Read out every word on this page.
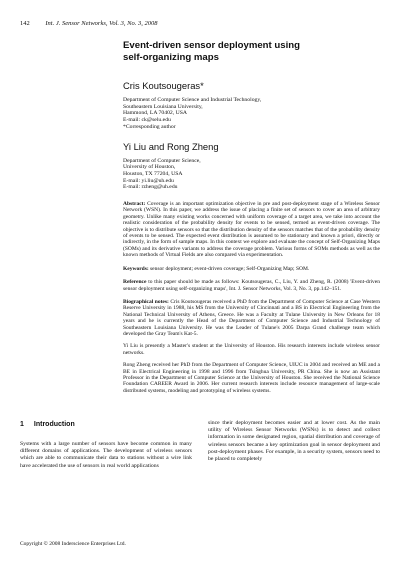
142 Int. J. Sensor Networks, Vol. 3, No. 3, 2008
Event-driven sensor deployment using
self-organizing maps

Cris Koutsougeras*

Department of Computer Science and Industrial Technology,
Southeastern Louisiana University,
Hammond, LA 70402, USA
E-mail: ck@selu.edu
*Corresponding author

Yi Liu and Rong Zheng

Department of Computer Science,
University of Houston,
Houston, TX 77204, USA
E-mail: yi.liu@uh.edu
E-mail: rzheng@uh.edu

Abstract: Coverage is an important optimization objective in pre and post-deployment stage of a Wireless Sensor Network (WSN). In this paper, we address the issue of placing a finite set of sensors to cover an area of arbitrary geometry. Unlike many existing works concerned with uniform coverage of a target area, we take into account the realistic consideration of the probability density for events to be sensed, termed as event-driven coverage. The objective is to distribute sensors so that the distribution density of the sensors matches that of the probability density of events to be sensed. The expected event distribution is assumed to be stationary and known a priori, directly or indirectly, in the form of sample maps. In this context we explore and evaluate the concept of Self-Organizing Maps (SOMs) and its derivative variants to address the coverage problem. Various forms of SOMs methods as well as the known methods of Virtual Fields are also compared via experimentation.

Keywords: sensor deployment; event-driven coverage; Self-Organizing Map; SOM.

Reference to this paper should be made as follows: Koutsougeras, C., Liu, Y. and Zheng, R. (2008) 'Event-driven sensor deployment using self-organizing maps', Int. J. Sensor Networks, Vol. 3, No. 3, pp.142–151.

Biographical notes: Cris Koutsougeras received a PhD from the Department of Computer Science at Case Western Reserve University in 1988, his MS from the University of Cincinnati and a BS in Electrical Engineering from the National Technical University of Athens, Greece. He was a Faculty at Tulane University in New Orleans for 18 years and he is currently the Head of the Department of Computer Science and Industrial Technology of Southeastern Louisiana University. He was the Leader of Tulane's 2005 Darpa Grand challenge team which developed the Gray Team's Kat-5.

Yi Liu is presently a Master's student at the University of Houston. His research interests include wireless sensor networks.

Rong Zheng received her PhD from the Department of Computer Science, UIUC in 2004 and received an ME and a BE in Electrical Engineering in 1998 and 1996 from Tsinghua University, PR China. She is now an Assistant Professor in the Department of Computer Science at the University of Houston. She received the National Science Foundation CAREER Award in 2006. Her current research interests include resource management of large-scale distributed systems, modeling and prototyping of wireless systems.

1 Introduction

Systems with a large number of sensors have become common in many different domains of applications. The development of wireless sensors which are able to communicate their data to stations without a wire link have accelerated the use of sensors in real world applications

since their deployment becomes easier and at lower cost. As the main utility of Wireless Sensor Networks (WSNs) is to detect and collect information in some designated region, spatial distribution and coverage of wireless sensors became a key optimization goal in sensor deployment and post-deployment phases. For example, in a security system, sensors need to be placed to completely

Copyright © 2008 Inderscience Enterprises Ltd.
